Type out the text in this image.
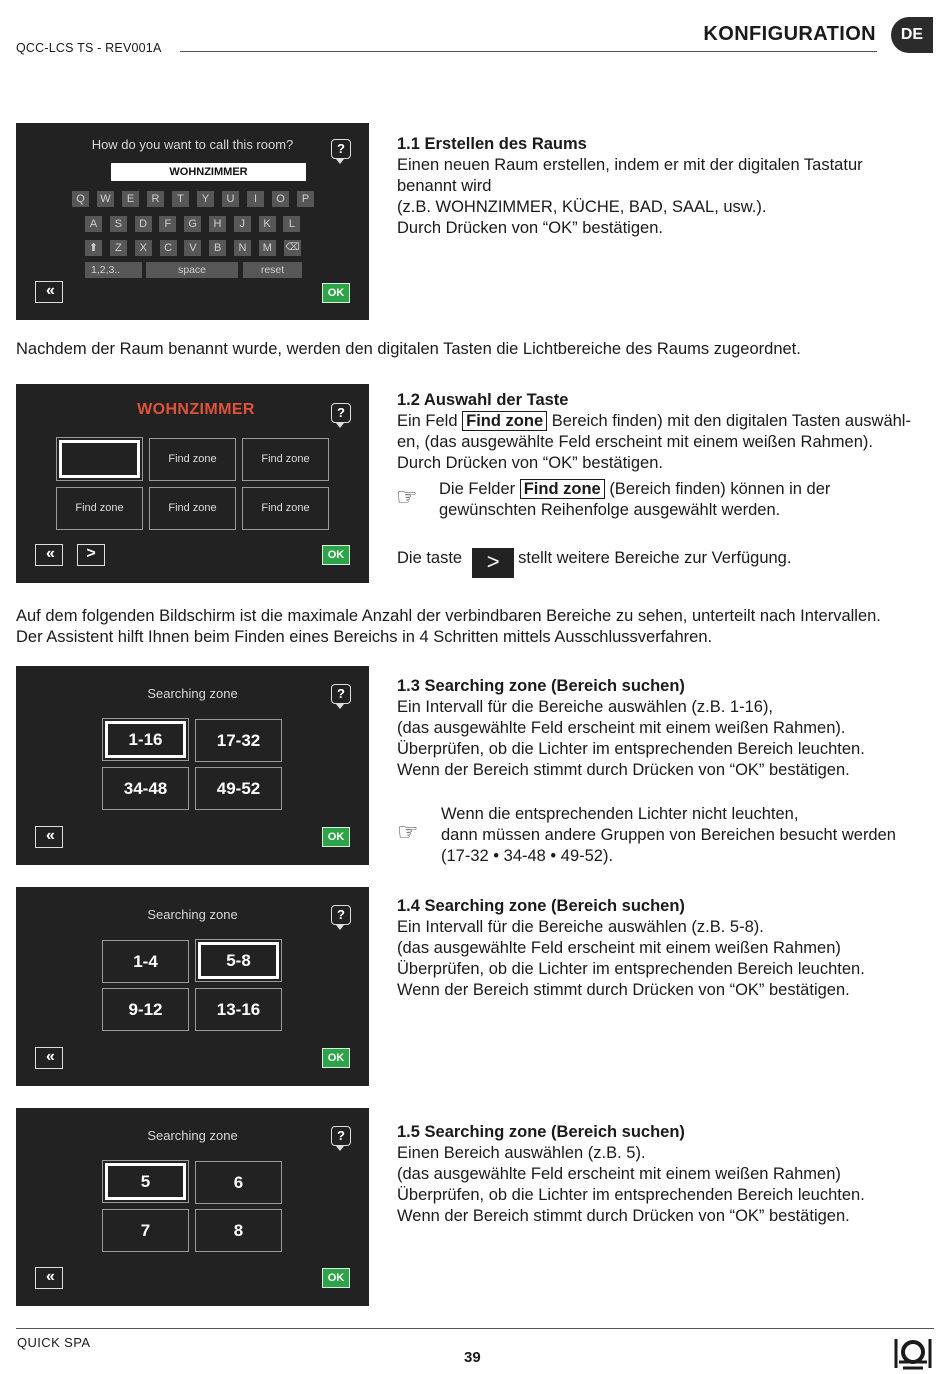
QCC-LCS TS - REV001A
KONFIGURATION	DE
How do you want to call this room?	?
WOHNZIMMER
Q	W	E	R	T	Y	U	I	O	P
A	S	D	F	G	H	J	K	L
Z	X	C	V	B	N	M
⬆	⌫
1,2,3..	space	reset
«	OK
1.1 Erstellen des Raums
Einen neuen Raum erstellen, indem er mit der digitalen Tastatur
benannt wird
(z.B. WOHNZIMMER, KÜCHE, BAD, SAAL, usw.).
Durch Drücken von “OK” bestätigen.
Nachdem der Raum benannt wurde, werden den digitalen Tasten die Lichtbereiche des Raums zugeordnet.
WOHNZIMMER	?
Find zone	Find zone
Find zone	Find zone	Find zone
«	>	OK
1.2 Auswahl der Taste
Ein Feld Find zone Bereich finden) mit den digitalen Tasten auswähl-
en, (das ausgewählte Feld erscheint mit einem weißen Rahmen).
Durch Drücken von “OK” bestätigen.
☞ Die Felder Find zone (Bereich finden) können in der
gewünschten Reihenfolge ausgewählt werden.
Die taste > stellt weitere Bereiche zur Verfügung.
Auf dem folgenden Bildschirm ist die maximale Anzahl der verbindbaren Bereiche zu sehen, unterteilt nach Intervallen.
Der Assistent hilft Ihnen beim Finden eines Bereichs in 4 Schritten mittels Ausschlussverfahren.
Searching zone	?
1-16	17-32
34-48	49-52
«	OK
1.3 Searching zone (Bereich suchen)
Ein Intervall für die Bereiche auswählen (z.B. 1-16),
(das ausgewählte Feld erscheint mit einem weißen Rahmen).
Überprüfen, ob die Lichter im entsprechenden Bereich leuchten.
Wenn der Bereich stimmt durch Drücken von “OK” bestätigen.
☞
Wenn die entsprechenden Lichter nicht leuchten,
dann müssen andere Gruppen von Bereichen besucht werden
(17-32 • 34-48 • 49-52).
Searching zone	?
1-4	5-8
9-12	13-16
«	OK
1.4 Searching zone (Bereich suchen)
Ein Intervall für die Bereiche auswählen (z.B. 5-8).
(das ausgewählte Feld erscheint mit einem weißen Rahmen)
Überprüfen, ob die Lichter im entsprechenden Bereich leuchten.
Wenn der Bereich stimmt durch Drücken von “OK” bestätigen.
Searching zone	?
5	6
7	8
«	OK
1.5 Searching zone (Bereich suchen)
Einen Bereich auswählen (z.B. 5).
(das ausgewählte Feld erscheint mit einem weißen Rahmen)
Überprüfen, ob die Lichter im entsprechenden Bereich leuchten.
Wenn der Bereich stimmt durch Drücken von “OK” bestätigen.
QUICK SPA
39
